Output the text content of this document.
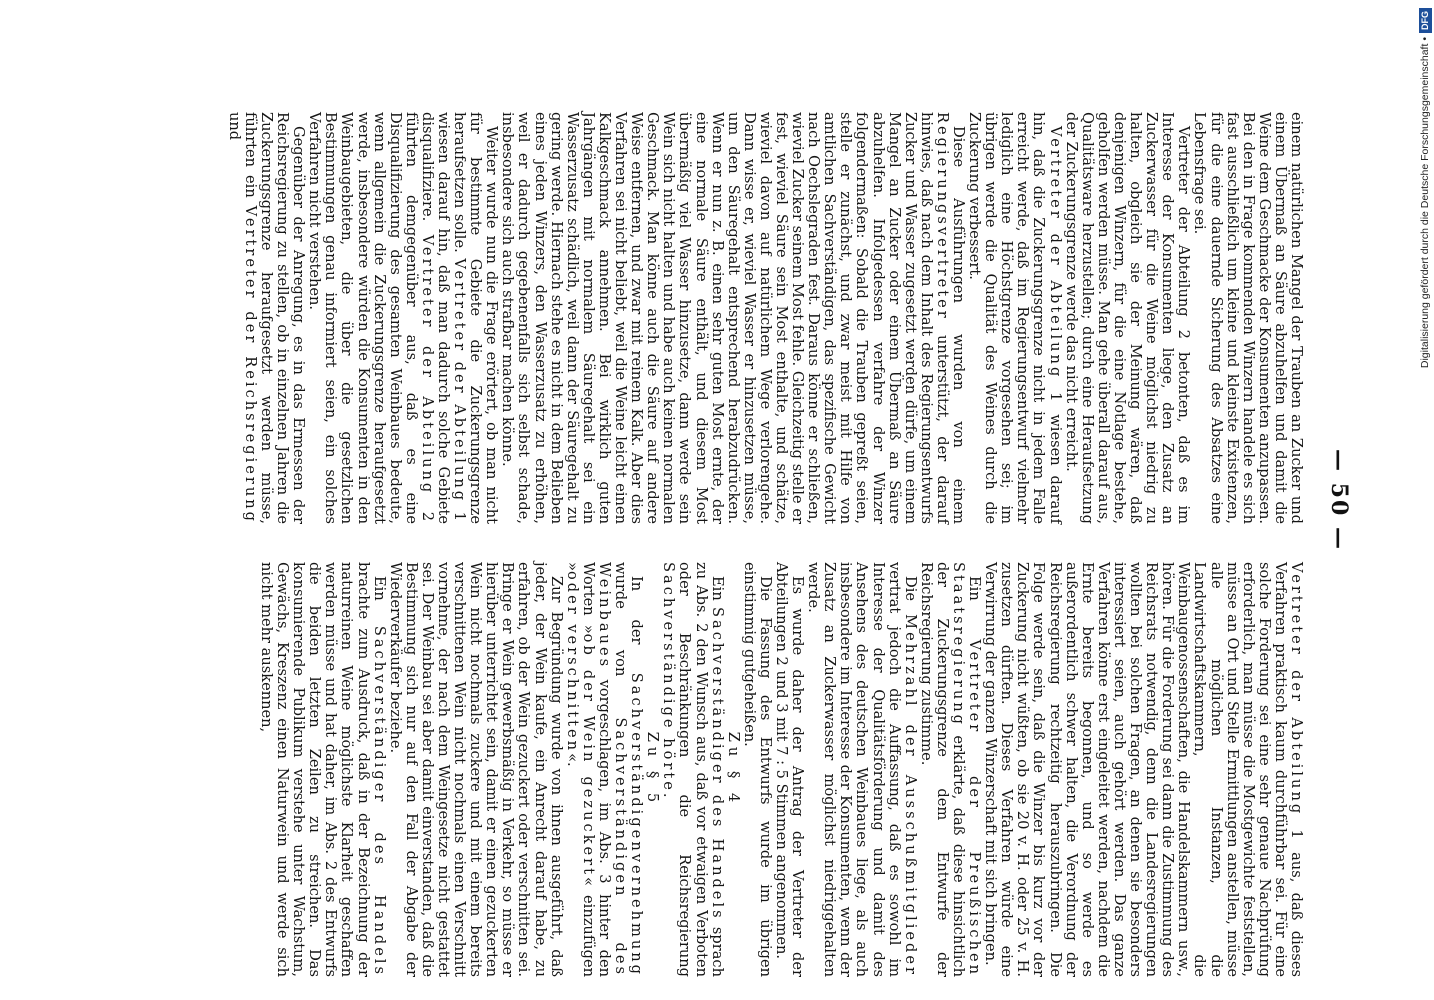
— 50 —

einem natürlichen Mangel der Trauben an Zucker und einem Übermaß an Säure abzuhelfen und damit die Weine dem Geschmacke der Konsumenten anzupassen. Bei den in Frage kommenden Winzern handele es sich fast ausschließlich um kleine und kleinste Existenzen, für die eine dauernde Sicherung des Absatzes eine Lebensfrage sei.

Vertreter der Abteilung 2 betonten, daß es im Interesse der Konsumenten liege, den Zusatz an Zuckerwasser für die Weine möglichst niedrig zu halten, obgleich sie der Meinung wären, daß denjenigen Winzern, für die eine Notlage bestehe, geholfen werden müsse. Man gehe überall darauf aus, Qualitätsware herzustellen; durch eine Heraufsetzung der Zuckerungsgrenze werde das nicht erreicht.

Vertreter der Abteilung 1 wiesen darauf hin, daß die Zuckerungsgrenze nicht in jedem Falle erreicht werde, daß im Regierungsentwurf vielmehr lediglich eine Höchstgrenze vorgesehen sei; im übrigen werde die Qualität des Weines durch die Zuckerung verbessert.

Diese Ausführungen wurden von einem Regierungsvertreter unterstützt, der darauf hinwies, daß nach dem Inhalt des Regierungsentwurfs Zucker und Wasser zugesetzt werden dürfe, um einem Mangel an Zucker oder einem Übermaß an Säure abzuhelfen. Infolgedessen verfahre der Winzer folgendermaßen: Sobald die Trauben gepreßt seien, stelle er zunächst, und zwar meist mit Hilfe von amtlichen Sachverständigen, das spezifische Gewicht nach Oechslegraden fest. Daraus könne er schließen, wieviel Zucker seinem Most fehle. Gleichzeitig stelle er fest, wieviel Säure sein Most enthalte, und schätze, wieviel davon auf natürlichem Wege verlorengehe. Dann wisse er, wieviel Wasser er hinzusetzen müsse, um den Säuregehalt entsprechend herabzudrücken. Wenn er nun z. B. einen sehr guten Most ernte, der eine normale Säure enthält, und diesem Most übermäßig viel Wasser hinzusetze, dann werde sein Wein sich nicht halten und habe auch keinen normalen Geschmack. Man könne auch die Säure auf andere Weise entfernen, und zwar mit reinem Kalk. Aber dies Verfahren sei nicht beliebt, weil die Weine leicht einen Kalkgeschmack annehmen. Bei wirklich guten Jahrgängen mit normalem Säuregehalt sei ein Wasserzusatz schädlich, weil dann der Säuregehalt zu gering werde. Hiernach stehe es nicht in dem Belieben eines jeden Winzers, den Wasserzusatz zu erhöhen, weil er dadurch gegebenenfalls sich selbst schade, insbesondere sich auch strafbar machen könne.

Weiter wurde nun die Frage erörtert, ob man nicht für bestimmte Gebiete die Zuckerungsgrenze heraufsetzen solle. Vertreter der Abteilung 1 wiesen darauf hin, daß man dadurch solche Gebiete disqualifiziere. Vertreter der Abteilung 2 führten demgegenüber aus, daß es eine Disqualifizierung des gesamten Weinbaues bedeute, wenn allgemein die Zuckerungsgrenze heraufgesetzt werde, insbesondere würden die Konsumenten in den Weinbaugebieten, die über die gesetzlichen Bestimmungen genau informiert seien, ein solches Verfahren nicht verstehen.

Gegenüber der Anregung, es in das Ermessen der Reichsregierung zu stellen, ob in einzelnen Jahren die Zuckerungsgrenze heraufgesetzt werden müsse, führten ein Vertreter der Reichsregierung und

Vertreter der Abteilung 1 aus, daß dieses Verfahren praktisch kaum durchführbar sei. Für eine solche Forderung sei eine sehr genaue Nachprüfung erforderlich, man müsse die Mostgewichte feststellen, müsse an Ort und Stelle Ermittlungen anstellen, müsse alle möglichen Instanzen, die Landwirtschaftskammern, die Weinbaugenossenschaften, die Handelskammern usw., hören. Für die Forderung sei dann die Zustimmung des Reichsrats notwendig, denn die Landesregierungen wollten bei solchen Fragen, an denen sie besonders interessiert seien, auch gehört werden. Das ganze Verfahren könne erst eingeleitet werden, nachdem die Ernte bereits begonnen, und so werde es außerordentlich schwer halten, die Verordnung der Reichsregierung rechtzeitig herauszubringen. Die Folge werde sein, daß die Winzer bis kurz vor der Zuckerung nicht wüßten, ob sie 20 v. H. oder 25 v. H. zusetzen dürften. Dieses Verfahren würde eine Verwirrung der ganzen Winzerschaft mit sich bringen.

Ein Vertreter der Preußischen Staatsregierung erklärte, daß diese hinsichtlich der Zuckerungsgrenze dem Entwurfe der Reichsregierung zustimme.

Die Mehrzahl der Ausschußmitglieder vertrat jedoch die Auffassung, daß es sowohl im Interesse der Qualitätsförderung und damit des Ansehens des deutschen Weinbaues liege, als auch insbesondere im Interesse der Konsumenten, wenn der Zusatz an Zuckerwasser möglichst niedriggehalten werde.

Es wurde daher der Antrag der Vertreter der Abteilungen 2 und 3 mit 7 : 5 Stimmen angenommen.

Die Fassung des Entwurfs wurde im übrigen einstimmig gutgeheißen.

Zu § 4

Ein Sachverständiger des Handels sprach zu Abs. 2 den Wunsch aus, daß vor etwaigen Verboten oder Beschränkungen die Reichsregierung Sachverständige hörte.

Zu § 5

In der Sachverständigenvernehmung wurde von Sachverständigen des Weinbaues vorgeschlagen, im Abs. 3 hinter den Worten »ob der Wein gezuckert« einzufügen »oder verschnitten«.

Zur Begründung wurde von ihnen ausgeführt, daß jeder, der Wein kaufe, ein Anrecht darauf habe, zu erfahren, ob der Wein gezuckert oder verschnitten sei. Bringe er Wein gewerbsmäßig in Verkehr, so müsse er hierüber unterrichtet sein, damit er einen gezuckerten Wein nicht nochmals zuckere und mit einem bereits verschnittenen Wein nicht nochmals einen Verschnitt vornehme, der nach dem Weingesetze nicht gestattet sei. Der Weinbau sei aber damit einverstanden, daß die Bestimmung sich nur auf den Fall der Abgabe der Wiederverkäufer beziehe.

Ein Sachverständiger des Handels brachte zum Ausdruck, daß in der Bezeichnung der naturreinen Weine möglichste Klarheit geschaffen werden müsse und hat daher, im Abs. 2 des Entwurfs die beiden letzten Zeilen zu streichen. Das konsumierende Publikum verstehe unter Wachstum, Gewächs, Kreszenz einen Naturwein und werde sich nicht mehr auskennen,

Digitalisierung gefördert durch die Deutsche Forschungsgemeinschaft •DFG
